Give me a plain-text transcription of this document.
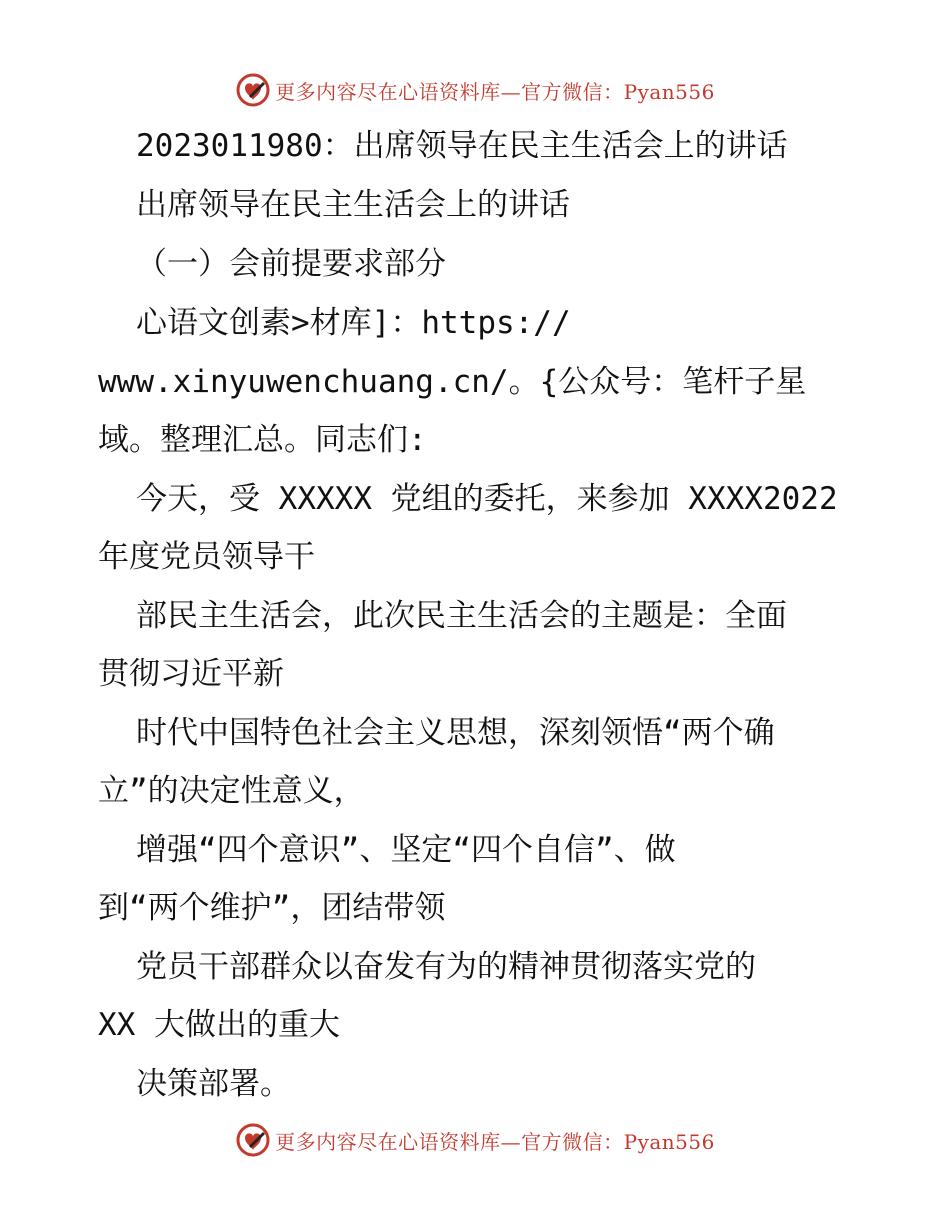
更多内容尽在心语资料库—官方微信：Pyan556
2023011980：出席领导在民主生活会上的讲话
出席领导在民主生活会上的讲话
（一）会前提要求部分
心语文创素>材库]：https://
www.xinyuwenchuang.cn/。{公众号：笔杆子星
域。整理汇总。同志们:
今天，受 XXXXX 党组的委托，来参加 XXXX2022
年度党员领导干
部民主生活会，此次民主生活会的主题是：全面
贯彻习近平新
时代中国特色社会主义思想，深刻领悟“两个确
立”的决定性意义，
增强“四个意识”、坚定“四个自信”、做
到“两个维护”，团结带领
党员干部群众以奋发有为的精神贯彻落实党的
XX 大做出的重大
决策部署。
更多内容尽在心语资料库—官方微信：Pyan556
